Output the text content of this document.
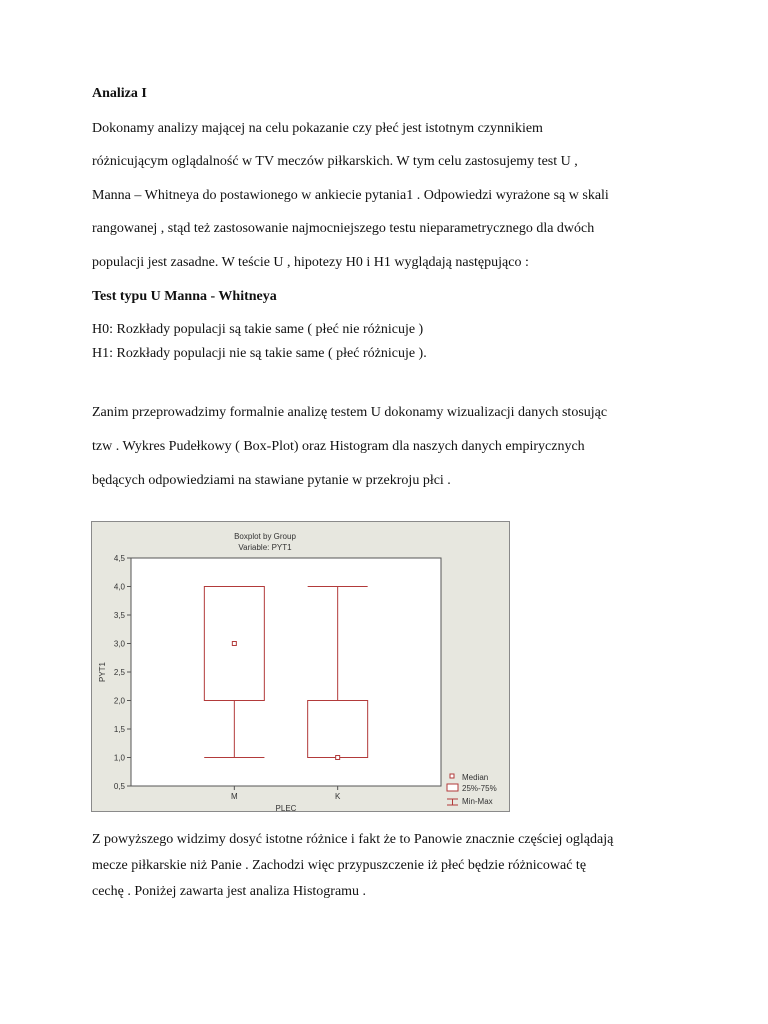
Analiza I
Dokonamy analizy mającej na celu pokazanie czy płeć jest istotnym czynnikiem
różnicującym oglądalność w TV meczów piłkarskich. W tym celu zastosujemy test U ,
Manna – Whitneya do postawionego w ankiecie pytania1 . Odpowiedzi wyrażone są w skali
rangowanej , stąd też zastosowanie najmocniejszego testu nieparametrycznego dla dwóch
populacji jest zasadne. W teście U , hipotezy H0 i H1 wyglądają następująco :
Test typu U Manna - Whitneya
H0: Rozkłady populacji są takie same ( płeć nie różnicuje )
H1: Rozkłady populacji nie są takie same ( płeć różnicuje ).
Zanim przeprowadzimy formalnie analizę testem U dokonamy wizualizacji danych stosując
tzw . Wykres Pudełkowy ( Box-Plot) oraz Histogram dla naszych danych empirycznych
będących odpowiedziami na stawiane pytanie w przekroju płci .
Boxplot by Group
Variable: PYT1
0,5
1,0
1,5
2,0
2,5
3,0
3,5
4,0
4,5
M	K
PYT1
PLEC
Median
25%-75%
Min-Max
Z powyższego widzimy dosyć istotne różnice i fakt że to Panowie znacznie częściej oglądają
mecze piłkarskie niż Panie . Zachodzi więc przypuszczenie iż płeć będzie różnicować tę
cechę . Poniżej zawarta jest analiza Histogramu .
